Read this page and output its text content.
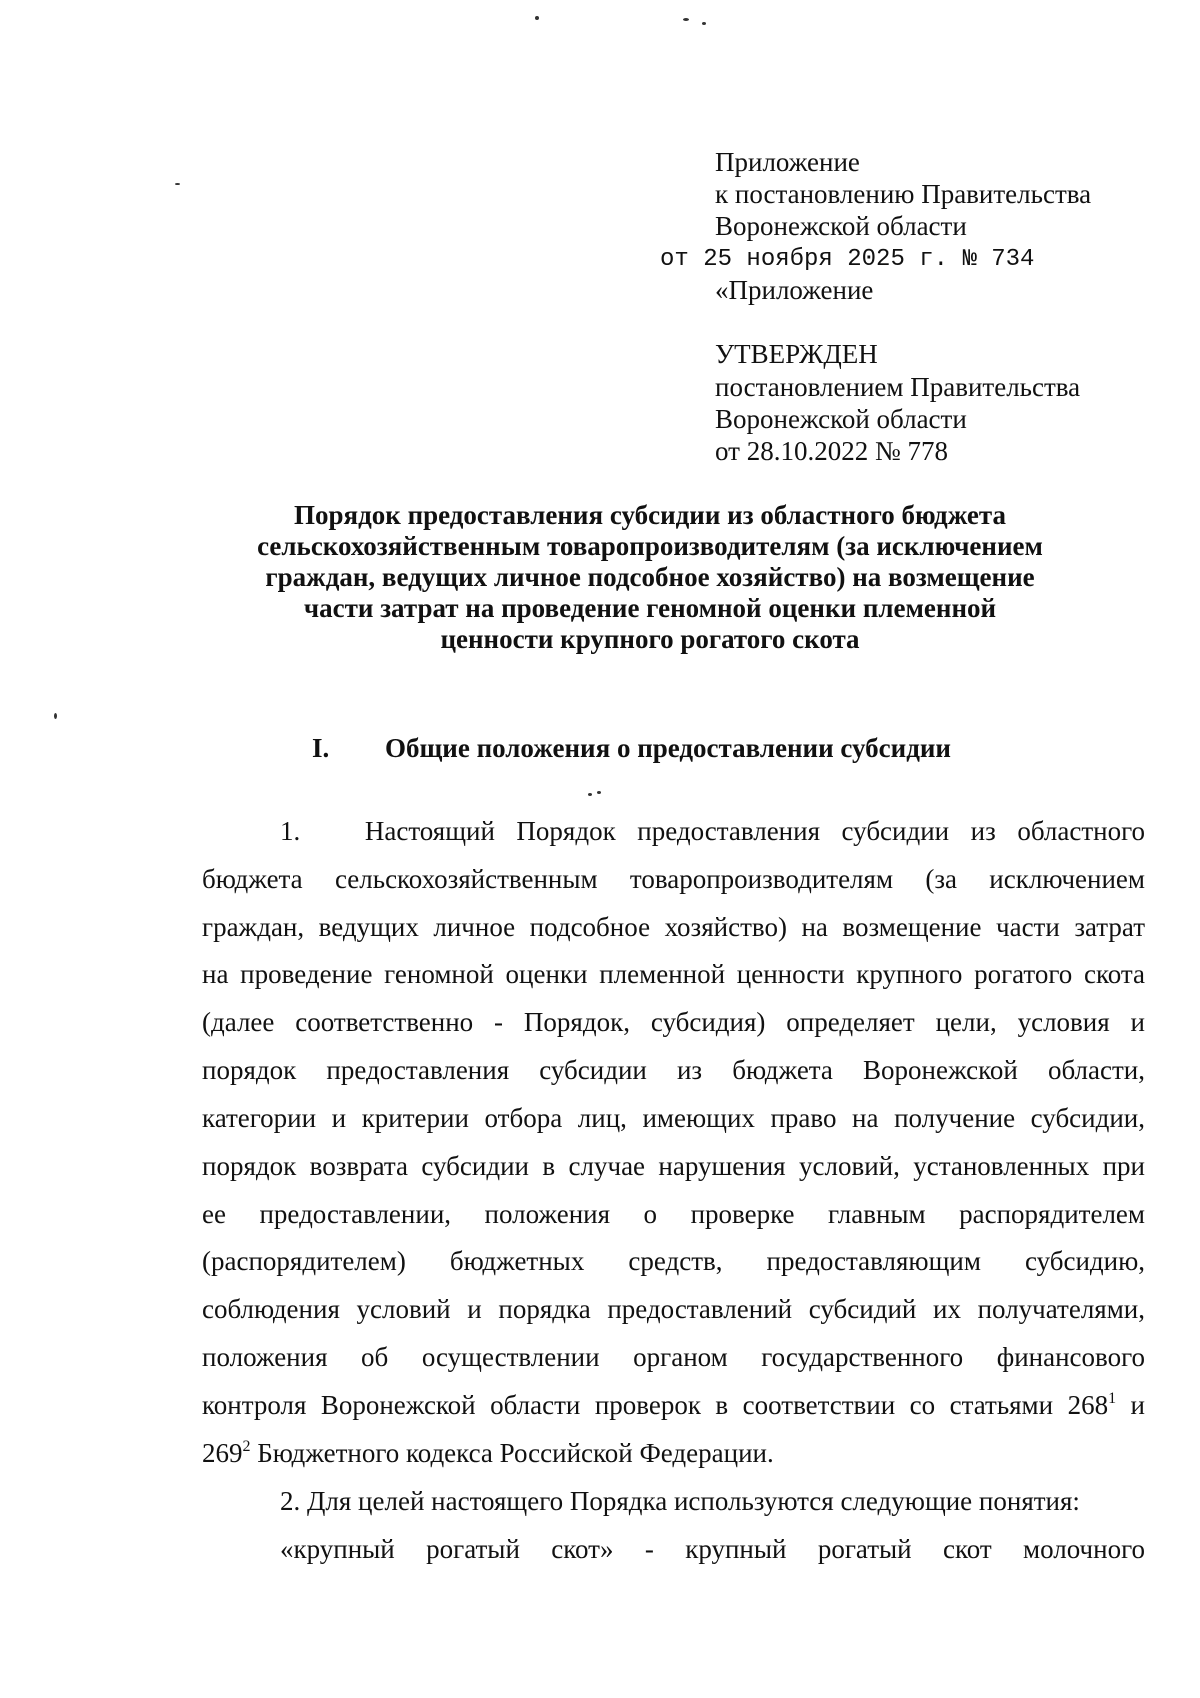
Приложение
к постановлению Правительства
Воронежской области
от 25 ноября 2025 г. № 734
«Приложение
УТВЕРЖДЕН
постановлением Правительства
Воронежской области
от 28.10.2022 № 778
Порядок предоставления субсидии из областного бюджета
сельскохозяйственным товаропроизводителям (за исключением
граждан, ведущих личное подсобное хозяйство) на возмещение
части затрат на проведение геномной оценки племенной
ценности крупного рогатого скота
I. Общие положения о предоставлении субсидии
1.   Настоящий Порядок предоставления субсидии из областного
бюджета сельскохозяйственным товаропроизводителям (за исключением
граждан, ведущих личное подсобное хозяйство) на возмещение части затрат
на проведение геномной оценки племенной ценности крупного рогатого скота
(далее соответственно - Порядок, субсидия) определяет цели, условия и
порядок предоставления субсидии из бюджета Воронежской области,
категории и критерии отбора лиц, имеющих право на получение субсидии,
порядок возврата субсидии в случае нарушения условий, установленных при
ее предоставлении, положения о проверке главным распорядителем
(распорядителем) бюджетных средств, предоставляющим субсидию,
соблюдения условий и порядка предоставлений субсидий их получателями,
положения об осуществлении органом государственного финансового
контроля Воронежской области проверок в соответствии со статьями $268^1$ и
$269^2$ Бюджетного кодекса Российской Федерации.
2. Для целей настоящего Порядка используются следующие понятия:
«крупный рогатый скот» - крупный рогатый скот молочного
